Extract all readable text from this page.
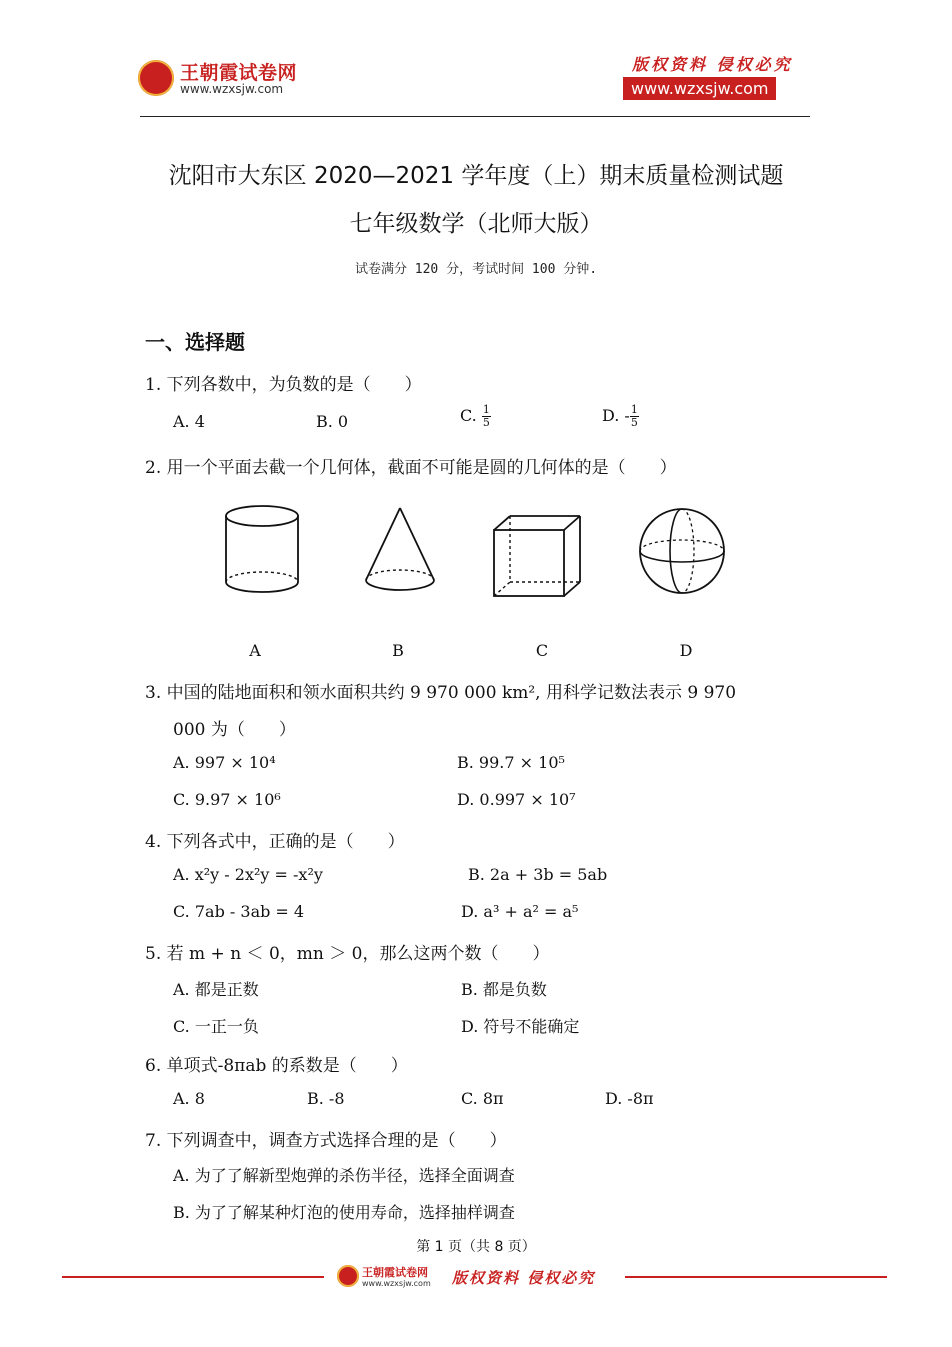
王朝霞试卷网
www.wzxsjw.com
版权资料 侵权必究
www.wzxsjw.com
沈阳市大东区 2020—2021 学年度（上）期末质量检测试题
七年级数学（北师大版）
试卷满分 120 分，考试时间 100 分钟.
一、选择题
1. 下列各数中，为负数的是（　　）
A. 4	B. 0	C. $\frac{1}{5}$	D. - $\frac{1}{5}$
2. 用一个平面去截一个几何体，截面不可能是圆的几何体的是（　　）
A	B	C	D
3. 中国的陆地面积和领水面积共约 9 970 000 km², 用科学记数法表示 9 970
000 为（　　）
A. 997 × 10⁴	B. 99.7 × 10⁵
C. 9.97 × 10⁶	D. 0.997 × 10⁷
4. 下列各式中，正确的是（　　）
A. x²y - 2x²y = -x²y	B. 2a + 3b = 5ab
C. 7ab - 3ab = 4	D. a³ + a² = a⁵
5. 若 m + n ＜ 0，mn ＞ 0，那么这两个数（　　）
A. 都是正数	B. 都是负数
C. 一正一负	D. 符号不能确定
6. 单项式-8πab 的系数是（　　）
A. 8	B. -8	C. 8π	D. -8π
7. 下列调查中，调查方式选择合理的是（　　）
A. 为了了解新型炮弹的杀伤半径，选择全面调查
B. 为了了解某种灯泡的使用寿命，选择抽样调查
第 1 页（共 8 页）
王朝霞试卷网
www.wzxsjw.com 版权资料 侵权必究
